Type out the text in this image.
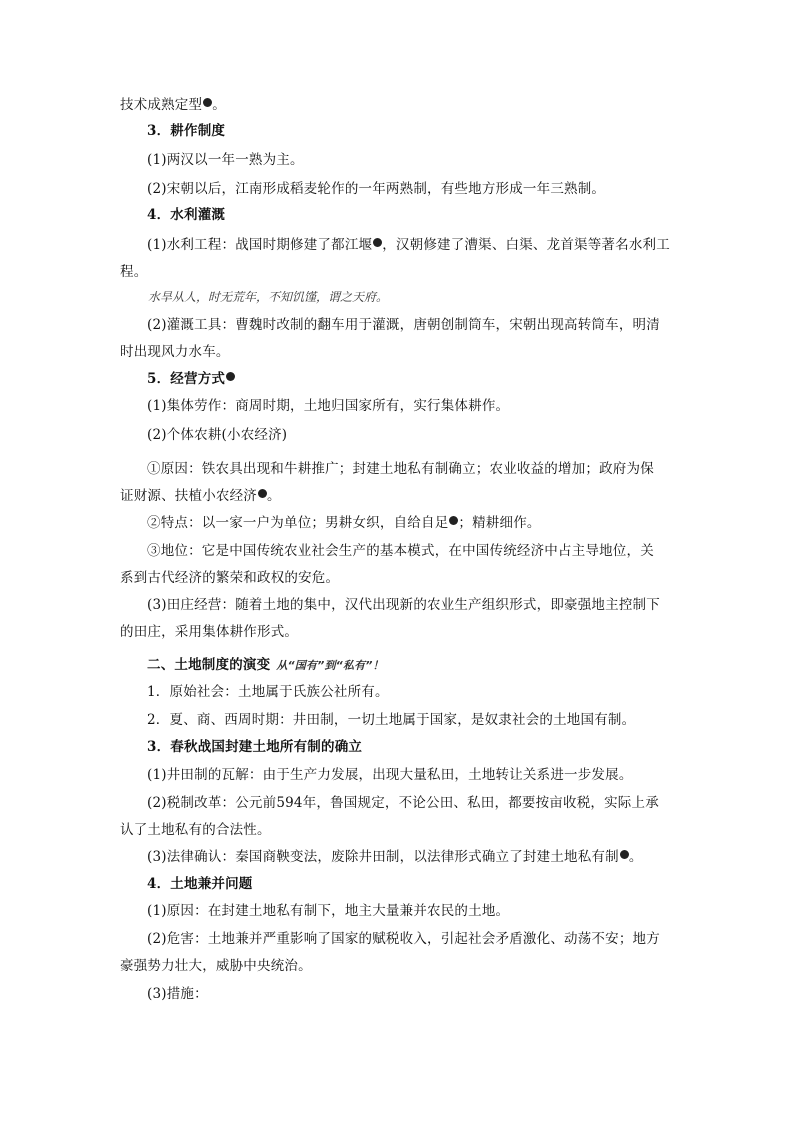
技术成熟定型 。
3．耕作制度
(1)两汉以一年一熟为主。
(2)宋朝以后，江南形成稻麦轮作的一年两熟制，有些地方形成一年三熟制。
4．水利灌溉
(1)水利工程：战国时期修建了都江堰 ，汉朝修建了漕渠、白渠、龙首渠等著名水利工
程。
水旱从人，时无荒年，不知饥馑，谓之天府。
(2)灌溉工具：曹魏时改制的翻车用于灌溉，唐朝创制筒车，宋朝出现高转筒车，明清
时出现风力水车。
5．经营方式
(1)集体劳作：商周时期，土地归国家所有，实行集体耕作。
(2)个体农耕(小农经济)
①原因：铁农具出现和牛耕推广；封建土地私有制确立；农业收益的增加；政府为保
证财源、扶植小农经济 。
②特点：以一家一户为单位；男耕女织，自给自足 ；精耕细作。
③地位：它是中国传统农业社会生产的基本模式，在中国传统经济中占主导地位，关
系到古代经济的繁荣和政权的安危。
(3)田庄经营：随着土地的集中，汉代出现新的农业生产组织形式，即豪强地主控制下
的田庄，采用集体耕作形式。
二、土地制度的演变 从“国有”到“私有”！
1．原始社会：土地属于氏族公社所有。
2．夏、商、西周时期：井田制，一切土地属于国家，是奴隶社会的土地国有制。
3．春秋战国封建土地所有制的确立
(1)井田制的瓦解：由于生产力发展，出现大量私田，土地转让关系进一步发展。
(2)税制改革：公元前594年，鲁国规定，不论公田、私田，都要按亩收税，实际上承
认了土地私有的合法性。
(3)法律确认：秦国商鞅变法，废除井田制，以法律形式确立了封建土地私有制 。
4．土地兼并问题
(1)原因：在封建土地私有制下，地主大量兼并农民的土地。
(2)危害：土地兼并严重影响了国家的赋税收入，引起社会矛盾激化、动荡不安；地方
豪强势力壮大，威胁中央统治。
(3)措施：
